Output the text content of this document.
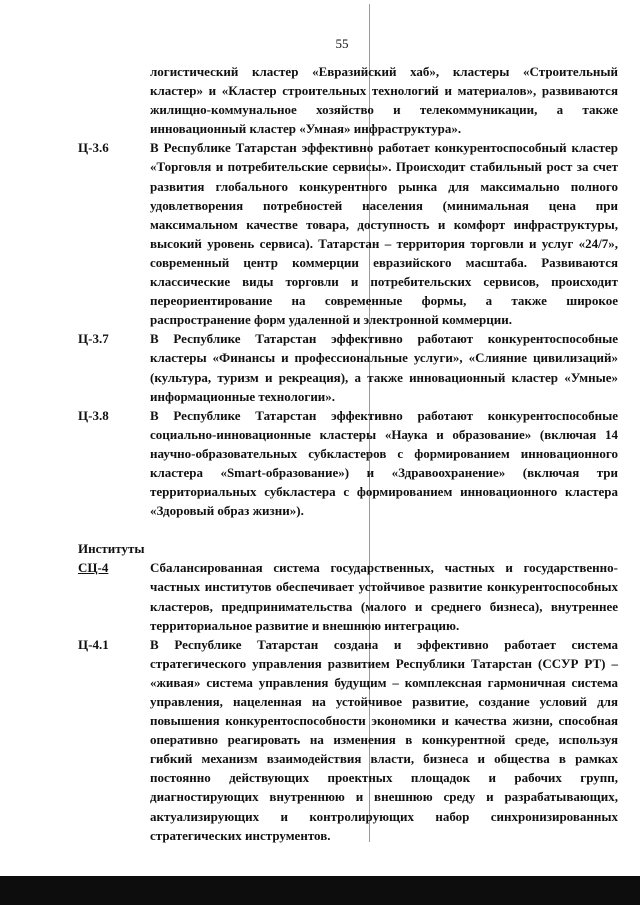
55
логистический кластер «Евразийский хаб», кластеры «Строительный кластер» и «Кластер строительных технологий и материалов», развиваются жилищно-коммунальное хозяйство и телекоммуникации, а также инновационный кластер «Умная» инфраструктура».
Ц-3.6	В Республике Татарстан эффективно работает конкурентоспособный кластер «Торговля и потребительские сервисы». Происходит стабильный рост за счет развития глобального конкурентного рынка для максимально полного удовлетворения потребностей населения (минимальная цена при максимальном качестве товара, доступность и комфорт инфраструктуры, высокий уровень сервиса). Татарстан – территория торговли и услуг «24/7», современный центр коммерции евразийского масштаба. Развиваются классические виды торговли и потребительских сервисов, происходит переориентирование на современные формы, а также широкое распространение форм удаленной и электронной коммерции.
Ц-3.7	В Республике Татарстан эффективно работают конкурентоспособные кластеры «Финансы и профессиональные услуги», «Слияние цивилизаций» (культура, туризм и рекреация), а также инновационный кластер «Умные» информационные технологии».
Ц-3.8	В Республике Татарстан эффективно работают конкурентоспособные социально-инновационные кластеры «Наука и образование» (включая 14 научно-образовательных субкластеров с формированием инновационного кластера «Smart-образование») и «Здравоохранение» (включая три территориальных субкластера с формированием инновационного кластера «Здоровый образ жизни»).
Институты
СЦ-4	Сбалансированная система государственных, частных и государственно-частных институтов обеспечивает устойчивое развитие конкурентоспособных кластеров, предпринимательства (малого и среднего бизнеса), внутреннее территориальное развитие и внешнюю интеграцию.
Ц-4.1	В Республике Татарстан создана и эффективно работает система стратегического управления развитием Республики Татарстан (ССУР РТ) – «живая» система управления будущим – комплексная гармоничная система управления, нацеленная на устойчивое развитие, создание условий для повышения конкурентоспособности экономики и качества жизни, способная оперативно реагировать на изменения в конкурентной среде, используя гибкий механизм взаимодействия власти, бизнеса и общества в рамках постоянно действующих проектных площадок и рабочих групп, диагностирующих внутреннюю и внешнюю среду и разрабатывающих, актуализирующих и контролирующих набор синхронизированных стратегических инструментов.
